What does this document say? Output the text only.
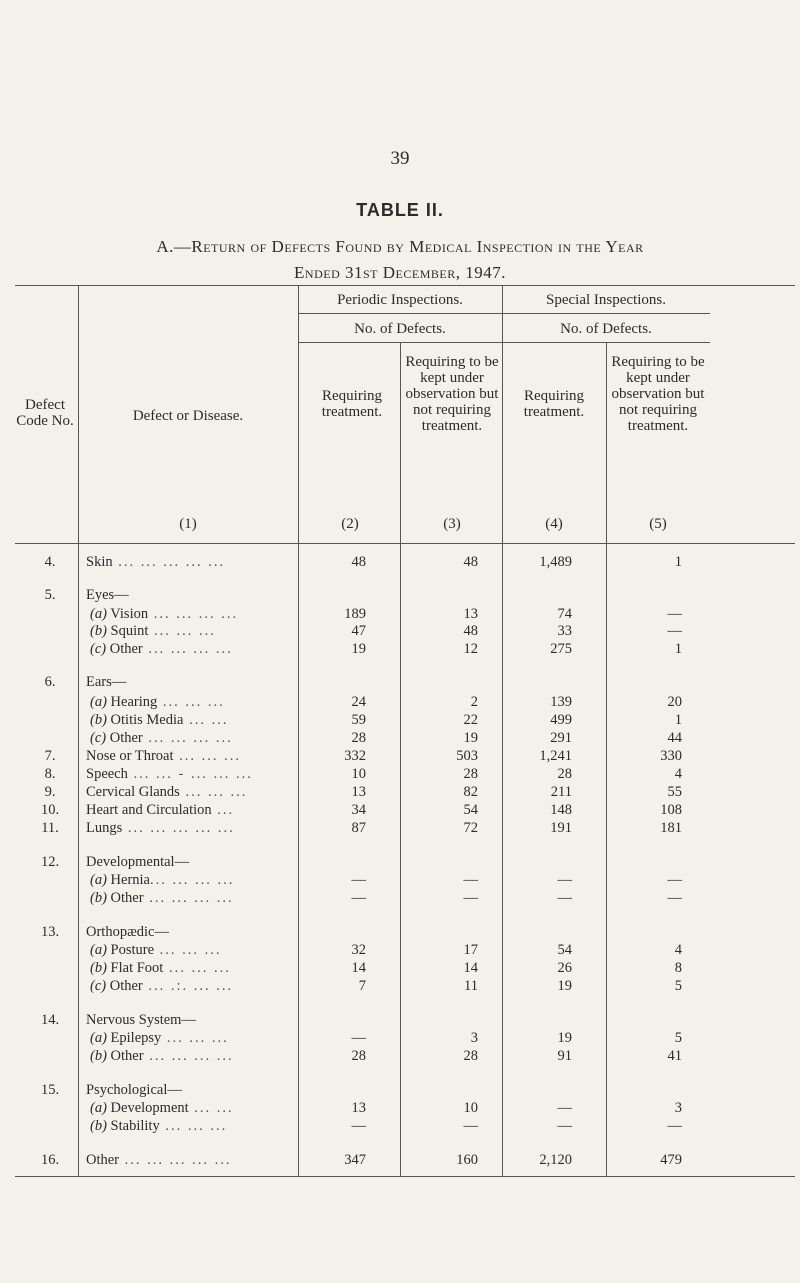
39
TABLE II.
A.—Return of Defects Found by Medical Inspection in the Year
Ended 31st December, 1947.
Defect Code No.	Defect or Disease.
(1)
Periodic Inspections.	Special Inspections.
No. of Defects.	No. of Defects.
Requiring treatment.
(2)
Requiring to be kept under observation but not requiring treatment.
(3)
Requiring treatment.
(4)
Requiring to be kept under observation but not requiring treatment.
(5)
4.	Skin ... ... ... ... ...	48	48	1,489	1
5.	Eyes—
(a) Vision ... ... ... ...	189	13	74	—
(b) Squint ... ... ...	47	48	33	—
(c) Other ... ... ... ...	19	12	275	1
6.	Ears—
(a) Hearing ... ... ...	24	2	139	20
(b) Otitis Media ... ...	59	22	499	1
(c) Other ... ... ... ...	28	19	291	44
7.	Nose or Throat ... ... ...	332	503	1,241	330
8.	Speech ... ... - ... ... ...	10	28	28	4
9.	Cervical Glands ... ... ...	13	82	211	55
10.	Heart and Circulation ...	34	54	148	108
11.	Lungs ... ... ... ... ...	87	72	191	181
12.	Developmental—
(a) Hernia... ... ... ...	—	—	—	—
(b) Other ... ... ... ...	—	—	—	—
13.	Orthopædic—
(a) Posture ... ... ...	32	17	54	4
(b) Flat Foot ... ... ...	14	14	26	8
(c) Other ... .:. ... ...	7	11	19	5
14.	Nervous System—
(a) Epilepsy ... ... ...	—	3	19	5
(b) Other ... ... ... ...	28	28	91	41
15.	Psychological—
(a) Development ... ...	13	10	—	3
(b) Stability ... ... ...	—	—	—	—
16.	Other ... ... ... ... ...	347	160	2,120	479
